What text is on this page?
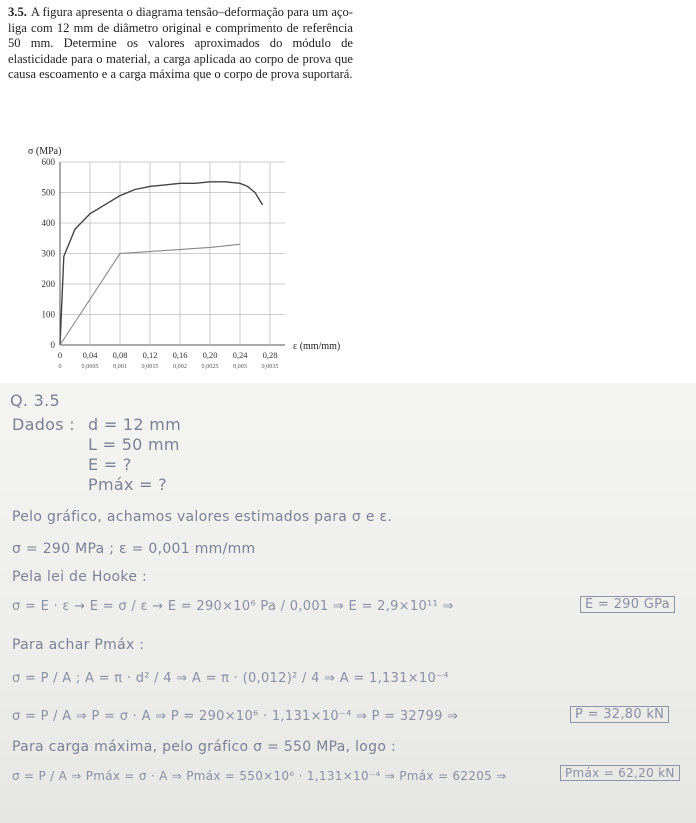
3.5. A figura apresenta o diagrama tensão–deformação para um aço-liga com 12 mm de diâmetro original e comprimento de referência 50 mm. Determine os valores aproximados do módulo de elasticidade para o material, a carga aplicada ao corpo de prova que causa escoamento e a carga máxima que o corpo de prova suportará.
0
100
200
300
400
500
600
0 0,04 0,08 0,12 0,16 0,20 0,24 0,28
0	0,0005 0,001 0,0015 0,002 0,0025 0,003 0,0035
σ (MPa)
ε (mm/mm)
Q. 3.5
Dados : d = 12 mm
L = 50 mm
E = ?
Pmáx = ?
Pelo gráfico, achamos valores estimados para σ e ε.
σ = 290 MPa ; ε = 0,001 mm/mm
Pela lei de Hooke :
σ = E · ε → E = σ / ε → E = 290×10⁶ Pa / 0,001 ⇒ E = 2,9×10¹¹ ⇒	E = 290 GPa
Para achar Pmáx :
σ = P / A ; A = π · d² / 4 ⇒ A = π · (0,012)² / 4 ⇒ A = 1,131×10⁻⁴
σ = P / A ⇒ P = σ · A ⇒ P = 290×10⁶ · 1,131×10⁻⁴ ⇒ P = 32799 ⇒	P = 32,80 kN
Para carga máxima, pelo gráfico σ = 550 MPa, logo :
σ = P / A ⇒ Pmáx = σ · A ⇒ Pmáx = 550×10⁶ · 1,131×10⁻⁴ ⇒ Pmáx = 62205 ⇒	Pmáx = 62,20 kN
